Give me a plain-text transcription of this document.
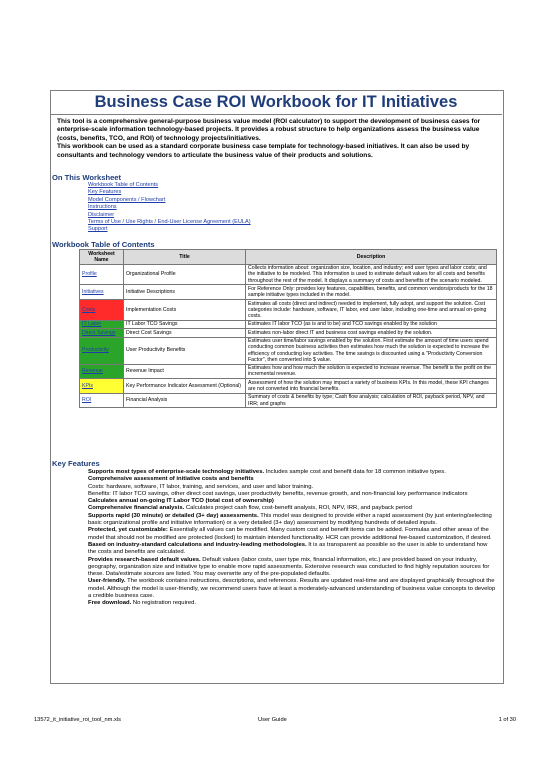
Business Case ROI Workbook for IT Initiatives

This tool is a comprehensive general-purpose business value model (ROI calculator) to support the development of business cases for enterprise-scale information technology-based projects. It provides a robust structure to help organizations assess the business value (costs, benefits, TCO, and ROI) of technology projects/initiatives.

This workbook can be used as a standard corporate business case template for technology-based initiatives. It can also be used by consultants and technology vendors to articulate the business value of their products and solutions.

On This Worksheet
Workbook Table of Contents
Key Features
Model Components / Flowchart
Instructions
Disclaimer
Terms of Use / Use Rights / End-User License Agreement (EULA)
Support
Workbook Table of Contents
Worksheet Name	Title	Description
Profile	Organizational Profile	Collects information about: organization size, location, and industry; end user types and labor costs; and the initiative to be modeled. This information is used to estimate default values for all costs and benefits throughout the rest of the model. It displays a summary of costs and benefits of the scenario modeled.
Initiatives	Initiative Descriptions	For Reference Only: provides key features, capabilities, benefits, and common vendors/products for the 18 sample initiative types included in the model.
Costs	Implementation Costs	Estimates all costs (direct and indirect) needed to implement, fully adopt, and support the solution. Cost categories include: hardware, software, IT labor, end user labor, including one-time and annual on-going costs.
IT Labor	IT Labor TCO Savings	Estimates IT labor TCO (as is and to be) and TCO savings enabled by the solution
Direct Savings	Direct Cost Savings	Estimates non-labor direct IT and business cost savings enabled by the solution.
Productivity	User Productivity Benefits	Estimates user time/labor savings enabled by the solution. First estimate the amount of time users spend conducting common business activities then estimates how much the solution is expected to increase the efficiency of conducting key activities. The time savings is discounted using a "Productivity Conversion Factor", then converted into $ value.
Revenue	Revenue Impact	Estimates how and how much the solution is expected to increase revenue. The benefit is the profit on the incremental revenue.
KPIs	Key Performance Indicator Assessment (Optional)	Assessment of how the solution may impact a variety of business KPIs. In this model, these KPI changes are not converted into financial benefits.
ROI	Financial Analysis	Summary of costs & benefits by type; Cash flow analysis; calculation of ROI, payback period, NPV, and IRR; and graphs
Key Features

Supports most types of enterprise-scale technology initiatives. Includes sample cost and benefit data for 18 common initiative types.

Comprehensive assessment of initiative costs and benefits

Costs: hardware, software, IT labor, training, and services, and user and labor training.

Benefits: IT labor TCO savings, other direct cost savings, user productivity benefits, revenue growth, and non-financial key performance indicators

Calculates annual on-going IT Labor TCO (total cost of ownership)

Comprehensive financial analysis. Calculates project cash flow, cost-benefit analysis, ROI, NPV, IRR, and payback period

Supports rapid (30 minute) or detailed (3+ day) assessments. This model was designed to provide either a rapid assessment (by just entering/selecting basic organizational profile and initiative information) or a very detailed (3+ day) assessment by modifying hundreds of detailed inputs.

Protected, yet customizable: Essentially all values can be modified. Many custom cost and benefit items can be added. Formulas and other areas of the model that should not be modified are protected (locked) to maintain intended functionality. HCR can provide additional fee-based customization, if desired.

Based on industry-standard calculations and industry-leading methodologies. It is as transparent as possible so the user is able to understand how the costs and benefits are calculated.

Provides research-based default values. Default values (labor costs, user type mix, financial information, etc.) are provided based on your industry, geography, organization size and initiative type to enable more rapid assessments. Extensive research was conducted to find highly reputation sources for these. Data/estimate sources are listed. You may overwrite any of the pre-populated defaults.

User-friendly. The workbook contains instructions, descriptions, and references. Results are updated real-time and are displayed graphically throughout the model. Although the model is user-friendly, we recommend users have at least a moderately-advanced understanding of business value concepts to develop a credible business case.

Free download. No registration required.

13572_it_initiative_roi_tool_nm.xls	User Guide	1 of 30
